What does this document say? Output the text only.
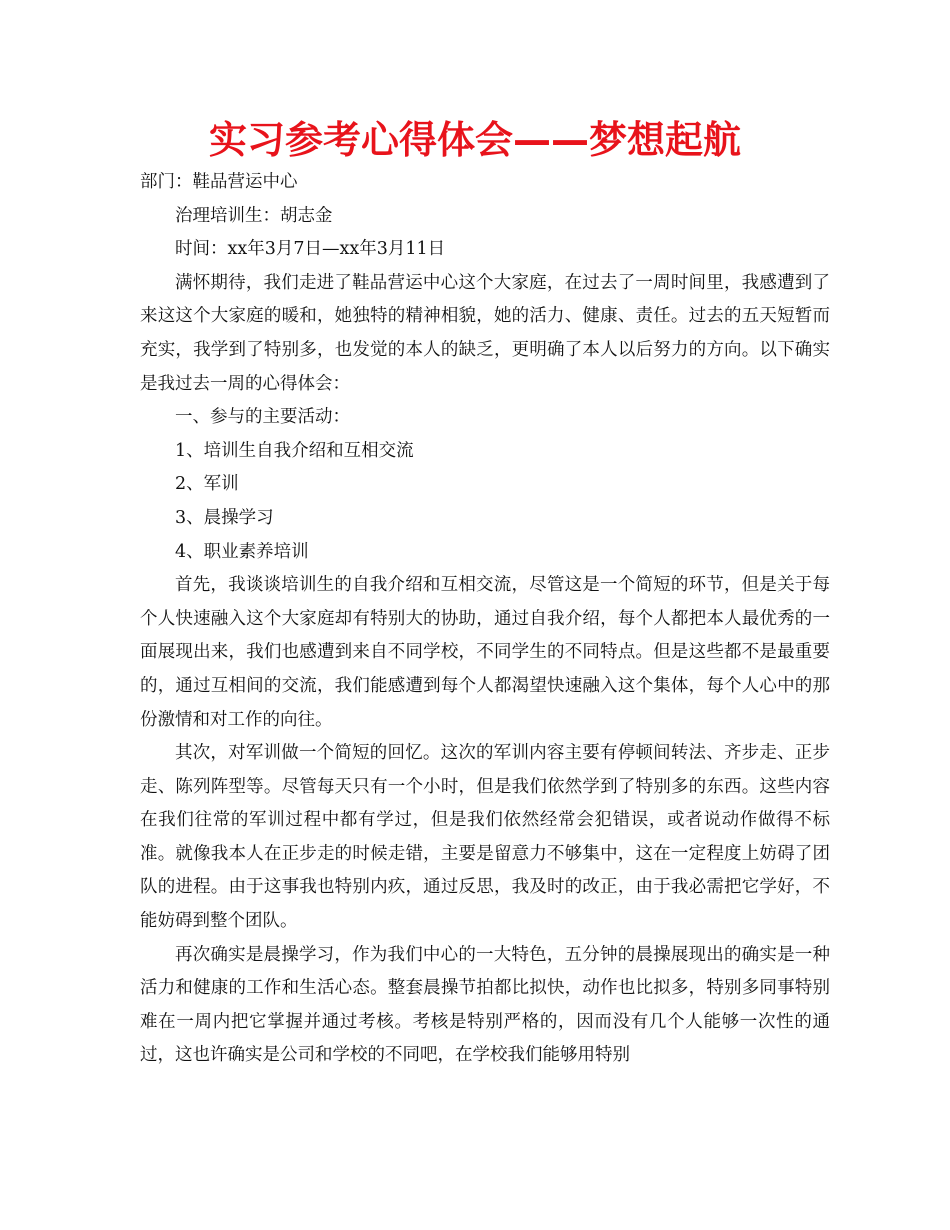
实习参考心得体会——梦想起航

部门：鞋品营运中心

治理培训生：胡志金

时间：xx年3月7日—xx年3月11日

满怀期待，我们走进了鞋品营运中心这个大家庭，在过去了一周时间里，我感遭到了来这这个大家庭的暖和，她独特的精神相貌，她的活力、健康、责任。过去的五天短暂而充实，我学到了特别多，也发觉的本人的缺乏，更明确了本人以后努力的方向。以下确实是我过去一周的心得体会：

一、参与的主要活动：

1、培训生自我介绍和互相交流

2、军训

3、晨操学习

4、职业素养培训

首先，我谈谈培训生的自我介绍和互相交流，尽管这是一个简短的环节，但是关于每个人快速融入这个大家庭却有特别大的协助，通过自我介绍，每个人都把本人最优秀的一面展现出来，我们也感遭到来自不同学校，不同学生的不同特点。但是这些都不是最重要的，通过互相间的交流，我们能感遭到每个人都渴望快速融入这个集体，每个人心中的那份激情和对工作的向往。

其次，对军训做一个简短的回忆。这次的军训内容主要有停顿间转法、齐步走、正步走、陈列阵型等。尽管每天只有一个小时，但是我们依然学到了特别多的东西。这些内容在我们往常的军训过程中都有学过，但是我们依然经常会犯错误，或者说动作做得不标准。就像我本人在正步走的时候走错，主要是留意力不够集中，这在一定程度上妨碍了团队的进程。由于这事我也特别内疚，通过反思，我及时的改正，由于我必需把它学好，不能妨碍到整个团队。

再次确实是晨操学习，作为我们中心的一大特色，五分钟的晨操展现出的确实是一种活力和健康的工作和生活心态。整套晨操节拍都比拟快，动作也比拟多，特别多同事特别难在一周内把它掌握并通过考核。考核是特别严格的，因而没有几个人能够一次性的通过，这也许确实是公司和学校的不同吧，在学校我们能够用特别
